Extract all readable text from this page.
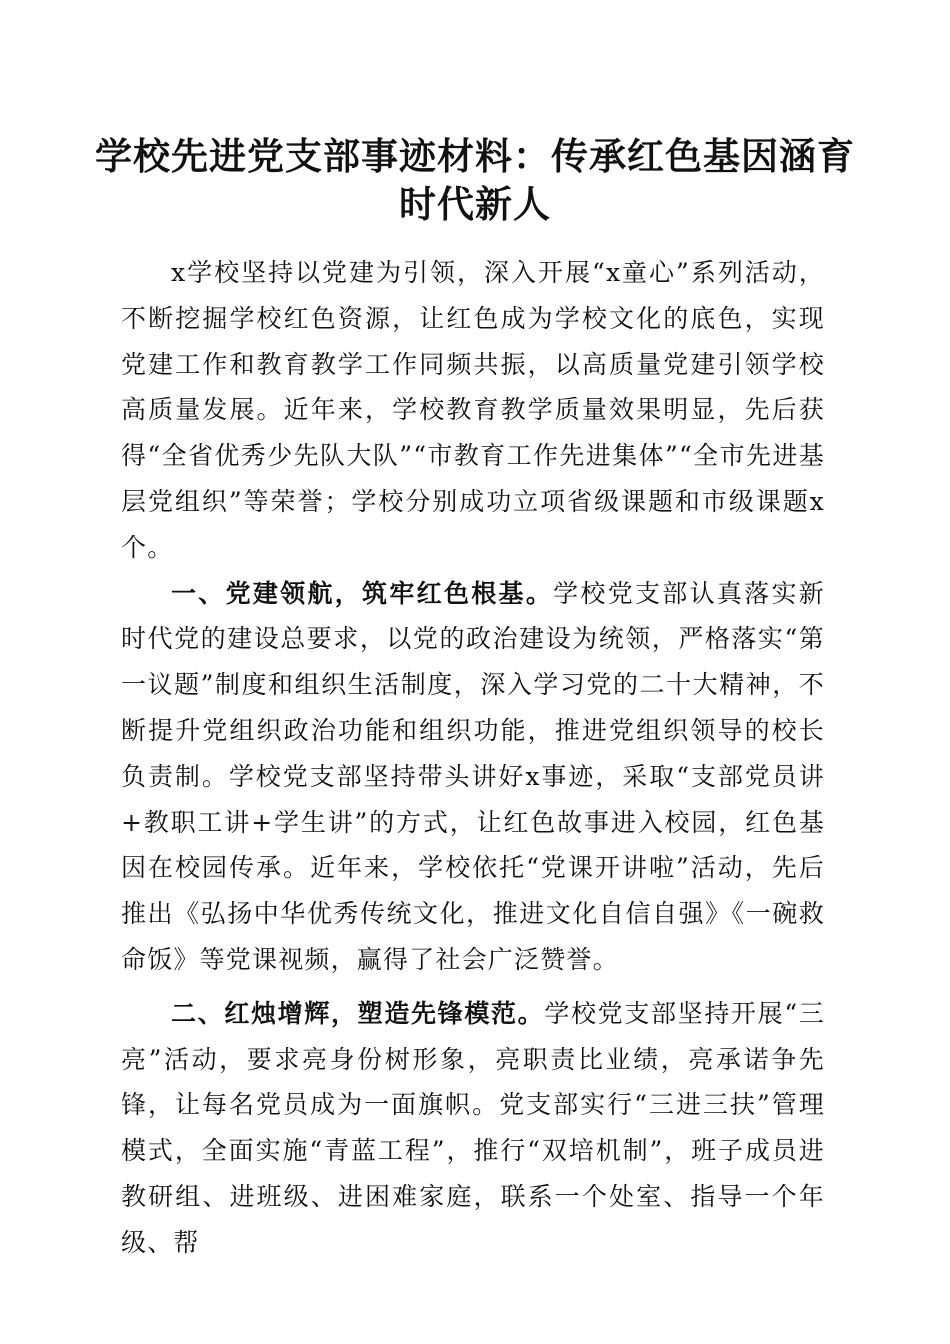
学校先进党支部事迹材料：传承红色基因涵育
时代新人

x学校坚持以党建为引领，深入开展“x童心”系列活动，不断挖掘学校红色资源，让红色成为学校文化的底色，实现党建工作和教育教学工作同频共振，以高质量党建引领学校高质量发展。近年来，学校教育教学质量效果明显，先后获得“全省优秀少先队大队”“市教育工作先进集体”“全市先进基层党组织”等荣誉；学校分别成功立项省级课题和市级课题x个。

一、党建领航，筑牢红色根基。学校党支部认真落实新时代党的建设总要求，以党的政治建设为统领，严格落实“第一议题”制度和组织生活制度，深入学习党的二十大精神，不断提升党组织政治功能和组织功能，推进党组织领导的校长负责制。学校党支部坚持带头讲好x事迹，采取“支部党员讲+教职工讲+学生讲”的方式，让红色故事进入校园，红色基因在校园传承。近年来，学校依托“党课开讲啦”活动，先后推出《弘扬中华优秀传统文化，推进文化自信自强》《一碗救命饭》等党课视频，赢得了社会广泛赞誉。

二、红烛增辉，塑造先锋模范。学校党支部坚持开展“三亮”活动，要求亮身份树形象，亮职责比业绩，亮承诺争先锋，让每名党员成为一面旗帜。党支部实行“三进三扶”管理模式，全面实施“青蓝工程”，推行“双培机制”，班子成员进教研组、进班级、进困难家庭，联系一个处室、指导一个年级、帮
